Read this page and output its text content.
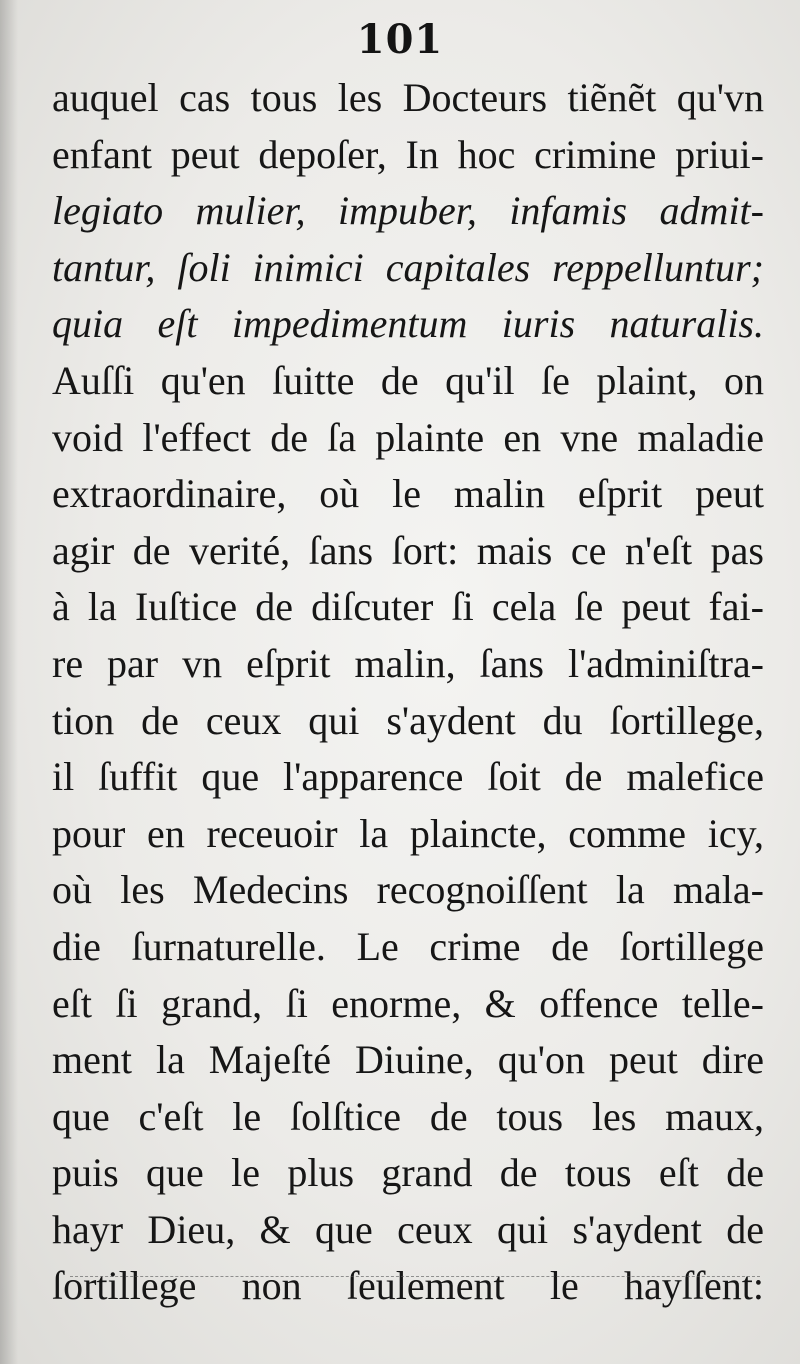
101
auquel cas tous les Docteurs tiẽnẽt qu'vn
enfant peut depoſer, In hoc crimine priui-
legiato mulier, impuber, infamis admit-
tantur, ſoli inimici capitales reppelluntur;
quia eſt impedimentum iuris naturalis.
Auſſi qu'en ſuitte de qu'il ſe plaint, on
void l'effect de ſa plainte en vne maladie
extraordinaire, où le malin eſprit peut
agir de verité, ſans ſort: mais ce n'eſt pas
à la Iuſtice de diſcuter ſi cela ſe peut fai-
re par vn eſprit malin, ſans l'adminiſtra-
tion de ceux qui s'aydent du ſortillege,
il ſuffit que l'apparence ſoit de malefice
pour en receuoir la plaincte, comme icy,
où les Medecins recognoiſſent la mala-
die ſurnaturelle. Le crime de ſortillege
eſt ſi grand, ſi enorme, & offence telle-
ment la Majeſté Diuine, qu'on peut dire
que c'eſt le ſolſtice de tous les maux,
puis que le plus grand de tous eſt de
hayr Dieu, & que ceux qui s'aydent de
ſortillege non ſeulement le hayſſent:
